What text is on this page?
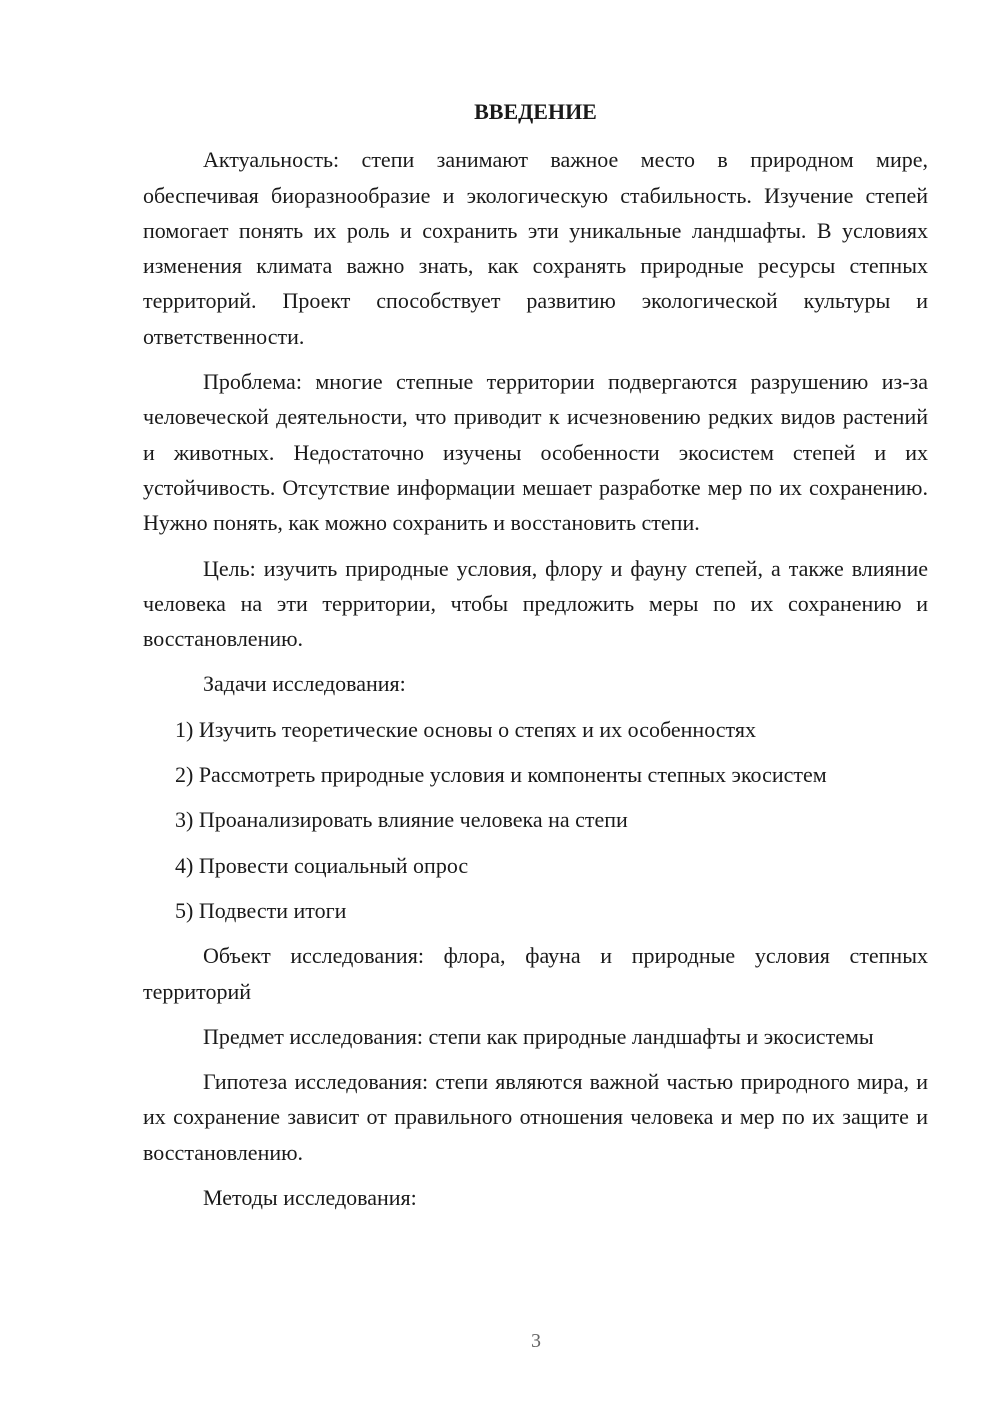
ВВЕДЕНИЕ

Актуальность: степи занимают важное место в природном мире, обеспечивая биоразнообразие и экологическую стабильность. Изучение степей помогает понять их роль и сохранить эти уникальные ландшафты. В условиях изменения климата важно знать, как сохранять природные ресурсы степных территорий. Проект способствует развитию экологической культуры и ответственности.

Проблема: многие степные территории подвергаются разрушению из-за человеческой деятельности, что приводит к исчезновению редких видов растений и животных. Недостаточно изучены особенности экосистем степей и их устойчивость. Отсутствие информации мешает разработке мер по их сохранению. Нужно понять, как можно сохранить и восстановить степи.

Цель: изучить природные условия, флору и фауну степей, а также влияние человека на эти территории, чтобы предложить меры по их сохранению и восстановлению.

Задачи исследования:

1) Изучить теоретические основы о степях и их особенностях
2) Рассмотреть природные условия и компоненты степных экосистем
3) Проанализировать влияние человека на степи
4) Провести социальный опрос
5) Подвести итоги

Объект исследования: флора, фауна и природные условия степных территорий

Предмет исследования: степи как природные ландшафты и экосистемы

Гипотеза исследования: степи являются важной частью природного мира, и их сохранение зависит от правильного отношения человека и мер по их защите и восстановлению.

Методы исследования:

3
